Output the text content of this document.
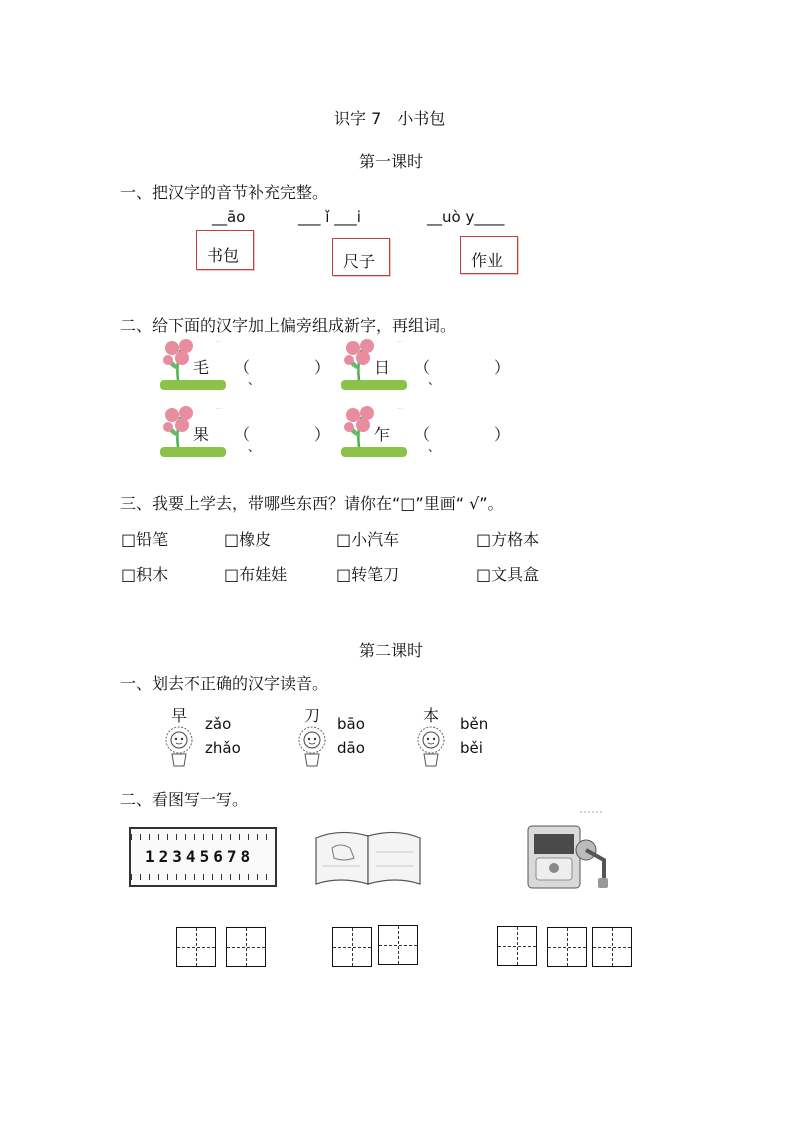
识字 7　小书包
第一课时
一、把汉字的音节补充完整。
__āo	___ ǐ ___i	__uò y____
书包	尺子	作业
二、给下面的汉字加上偏旁组成新字，再组词。
···
毛 （　　　　）
、
···
日 （　　　　）
、
···
果 （　　　　）
、
···
乍 （　　　　）
、
三、我要上学去，带哪些东西？请你在“□”里画“ √”。
□铅笔	□橡皮	□小汽车	□方格本
□积木	□布娃娃	□转笔刀	□文具盒
第二课时
一、划去不正确的汉字读音。
早 zǎo
zhǎo
刀 bāo
dāo
本 běn
běi
二、看图写一写。
1 2 3 4 5 6 7 8
